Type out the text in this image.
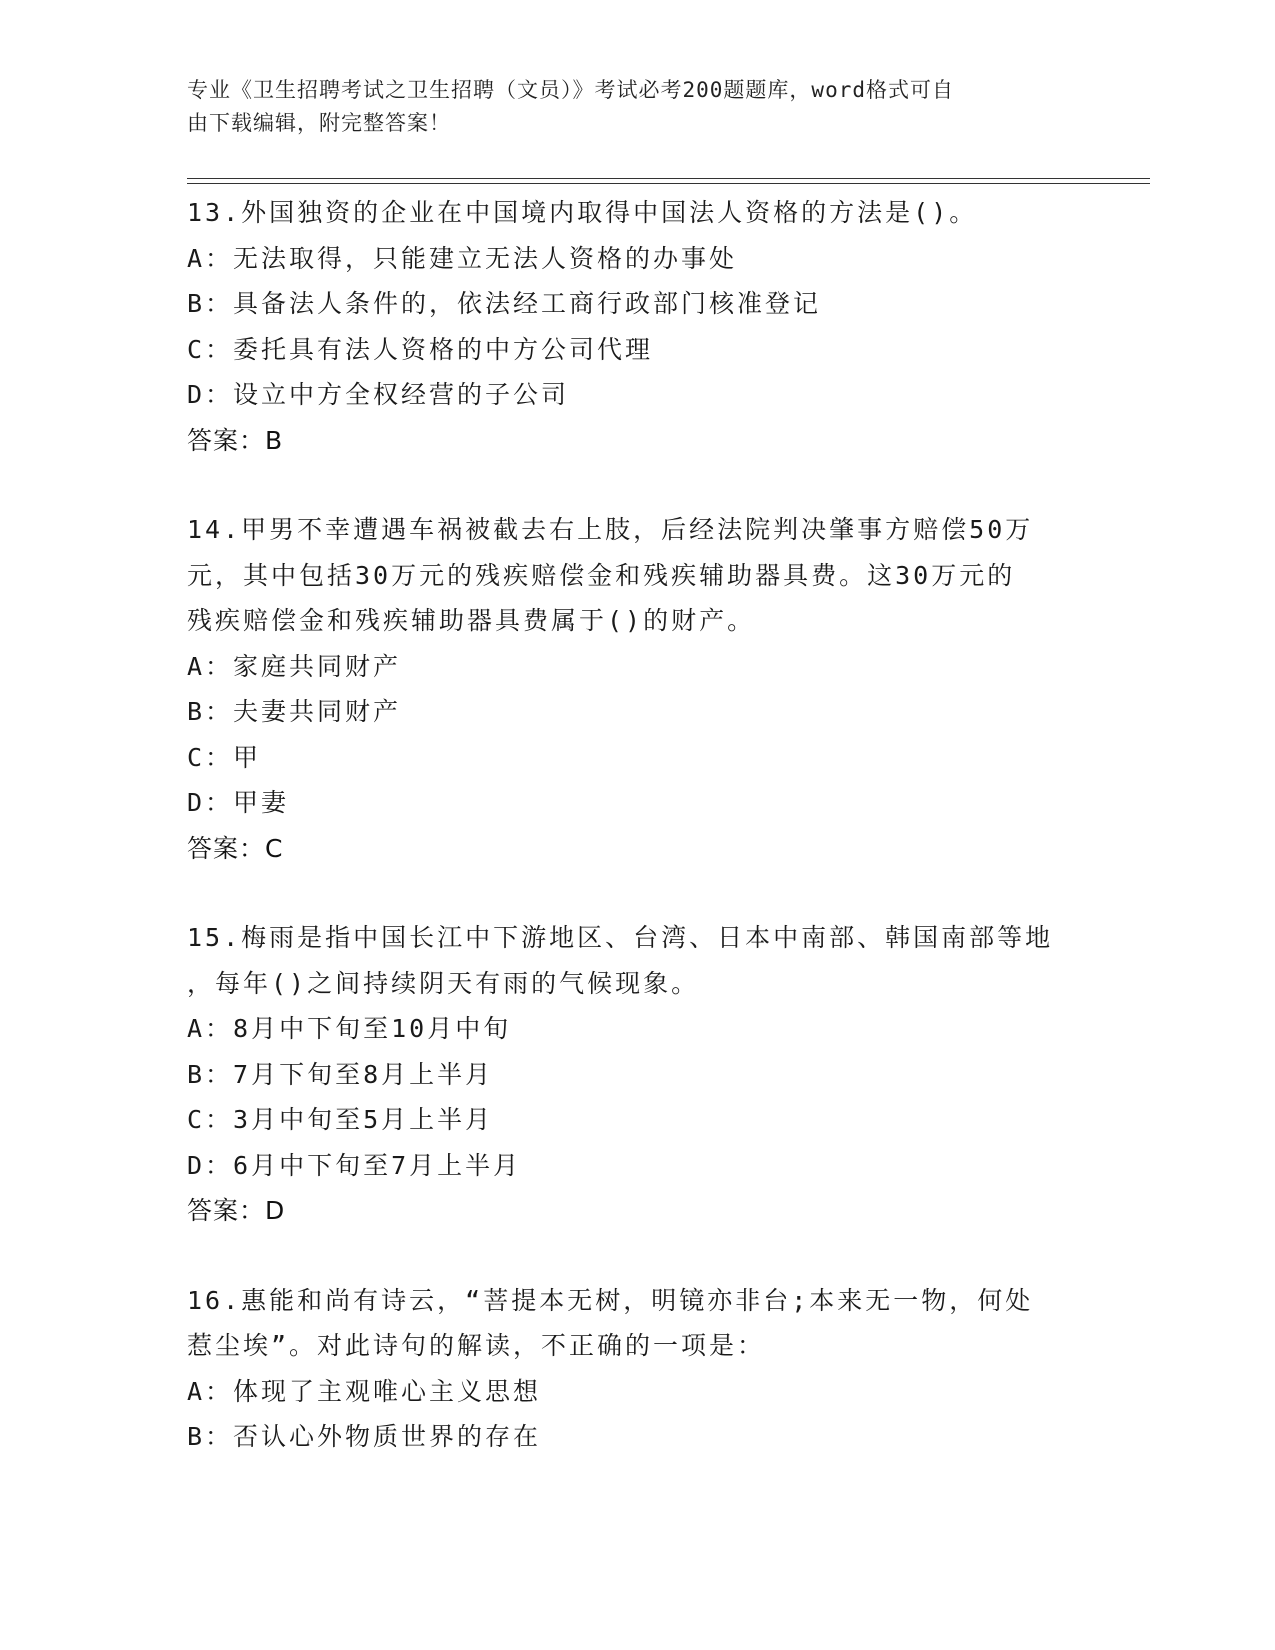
专业《卫生招聘考试之卫生招聘（文员）》考试必考200题题库，word格式可自
由下载编辑，附完整答案！
13.外国独资的企业在中国境内取得中国法人资格的方法是()。
A：无法取得，只能建立无法人资格的办事处
B：具备法人条件的，依法经工商行政部门核准登记
C：委托具有法人资格的中方公司代理
D：设立中方全权经营的子公司
答案：B
14.甲男不幸遭遇车祸被截去右上肢，后经法院判决肇事方赔偿50万
元，其中包括30万元的残疾赔偿金和残疾辅助器具费。这30万元的
残疾赔偿金和残疾辅助器具费属于()的财产。
A：家庭共同财产
B：夫妻共同财产
C：甲
D：甲妻
答案：C
15.梅雨是指中国长江中下游地区、台湾、日本中南部、韩国南部等地
，每年()之间持续阴天有雨的气候现象。
A：8月中下旬至10月中旬
B：7月下旬至8月上半月
C：3月中旬至5月上半月
D：6月中下旬至7月上半月
答案：D
16.惠能和尚有诗云，“菩提本无树，明镜亦非台;本来无一物，何处
惹尘埃”。对此诗句的解读，不正确的一项是：
A：体现了主观唯心主义思想
B：否认心外物质世界的存在
